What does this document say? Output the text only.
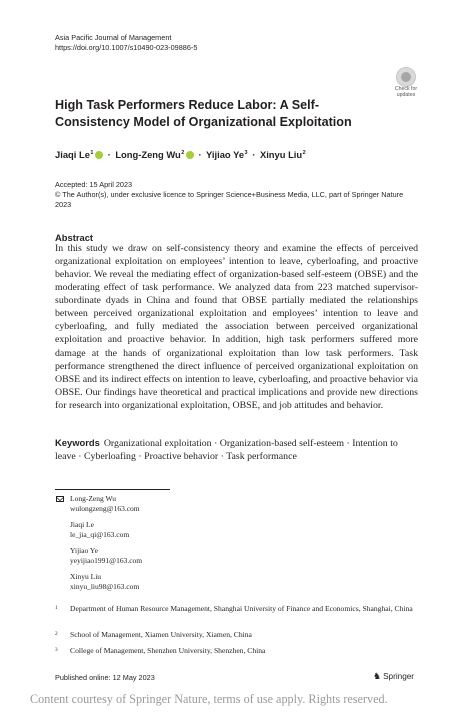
Asia Pacific Journal of Management
https://doi.org/10.1007/s10490-023-09886-5
Check for
updates
High Task Performers Reduce Labor: A Self-Consistency Model of Organizational Exploitation
Jiaqi $Le^1$ · Long-Zeng $Wu^2$ · Yijiao $Ye^3$ · Xinyu Liu$^2$
Accepted: 15 April 2023
© The Author(s), under exclusive licence to Springer Science+Business Media, LLC, part of Springer Nature
2023
Abstract
In this study we draw on self-consistency theory and examine the effects of perceived organizational exploitation on employees’ intention to leave, cyberloafing, and proactive behavior. We reveal the mediating effect of organization-based self-esteem (OBSE) and the moderating effect of task performance. We analyzed data from 223 matched supervisor-subordinate dyads in China and found that OBSE partially mediated the relationships between perceived organizational exploitation and employees’ intention to leave and cyberloafing, and fully mediated the association between perceived organizational exploitation and proactive behavior. In addition, high task performers suffered more damage at the hands of organizational exploitation than low task performers. Task performance strengthened the direct influence of perceived organizational exploitation on OBSE and its indirect effects on intention to leave, cyberloafing, and proactive behavior via OBSE. Our findings have theoretical and practical implications and provide new directions for research into organizational exploitation, OBSE, and job attitudes and behavior.
Keywords Organizational exploitation · Organization-based self-esteem · Intention to leave · Cyberloafing · Proactive behavior · Task performance
Long-Zeng Wu
wulongzeng@163.com
Jiaqi Le
le_jia_qi@163.com
Yijiao Ye
yeyijiao1991@163.com
Xinyu Liu
xinyu_liu98@163.com
1 Department of Human Resource Management, Shanghai University of Finance and Economics, Shanghai, China
2 School of Management, Xiamen University, Xiamen, China
3 College of Management, Shenzhen University, Shenzhen, China
Published online: 12 May 2023	♞ Springer
Content courtesy of Springer Nature, terms of use apply. Rights reserved.
